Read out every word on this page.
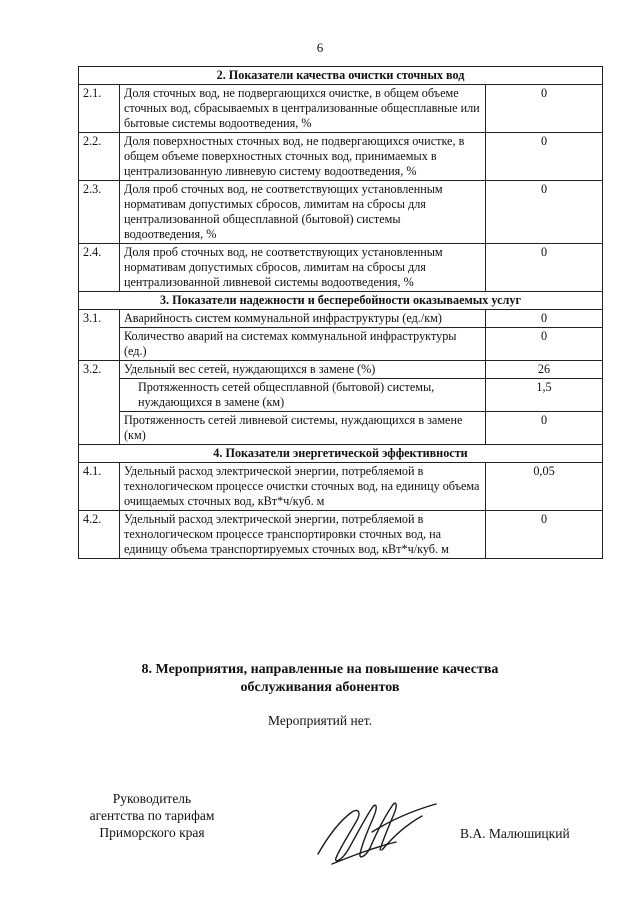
6
2. Показатели качества очистки сточных вод		
2.1.	Доля сточных вод, не подвергающихся очистке, в общем объеме сточных вод, сбрасываемых в централизованные общесплавные или бытовые системы водоотведения, %	0
2.2.	Доля поверхностных сточных вод, не подвергающихся очистке, в общем объеме поверхностных сточных вод, принимаемых в централизованную ливневую систему водоотведения, %	0
2.3.	Доля проб сточных вод, не соответствующих установленным нормативам допустимых сбросов, лимитам на сбросы для централизованной общесплавной (бытовой) системы водоотведения, %	0
2.4.	Доля проб сточных вод, не соответствующих установленным нормативам допустимых сбросов, лимитам на сбросы для централизованной ливневой системы водоотведения, %	0
3. Показатели надежности и бесперебойности оказываемых услуг		
3.1.	Аварийность систем коммунальной инфраструктуры (ед./км)	0
	Количество аварий на системах коммунальной инфраструктуры (ед.)	0
3.2.	Удельный вес сетей, нуждающихся в замене (%)	26
	Протяженность сетей общесплавной (бытовой) системы, нуждающихся в замене (км)	1,5
	Протяженность сетей ливневой системы, нуждающихся в замене (км)	0
4. Показатели энергетической эффективности		
4.1.	Удельный расход электрической энергии, потребляемой в технологическом процессе очистки сточных вод, на единицу объема очищаемых сточных вод, кВт*ч/куб. м	0,05
4.2.	Удельный расход электрической энергии, потребляемой в технологическом процессе транспортировки сточных вод, на единицу объема транспортируемых сточных вод, кВт*ч/куб. м	0
8. Мероприятия, направленные на повышение качества
обслуживания абонентов
Мероприятий нет.
Руководитель
агентства по тарифам
Приморского края	В.А. Малюшицкий
